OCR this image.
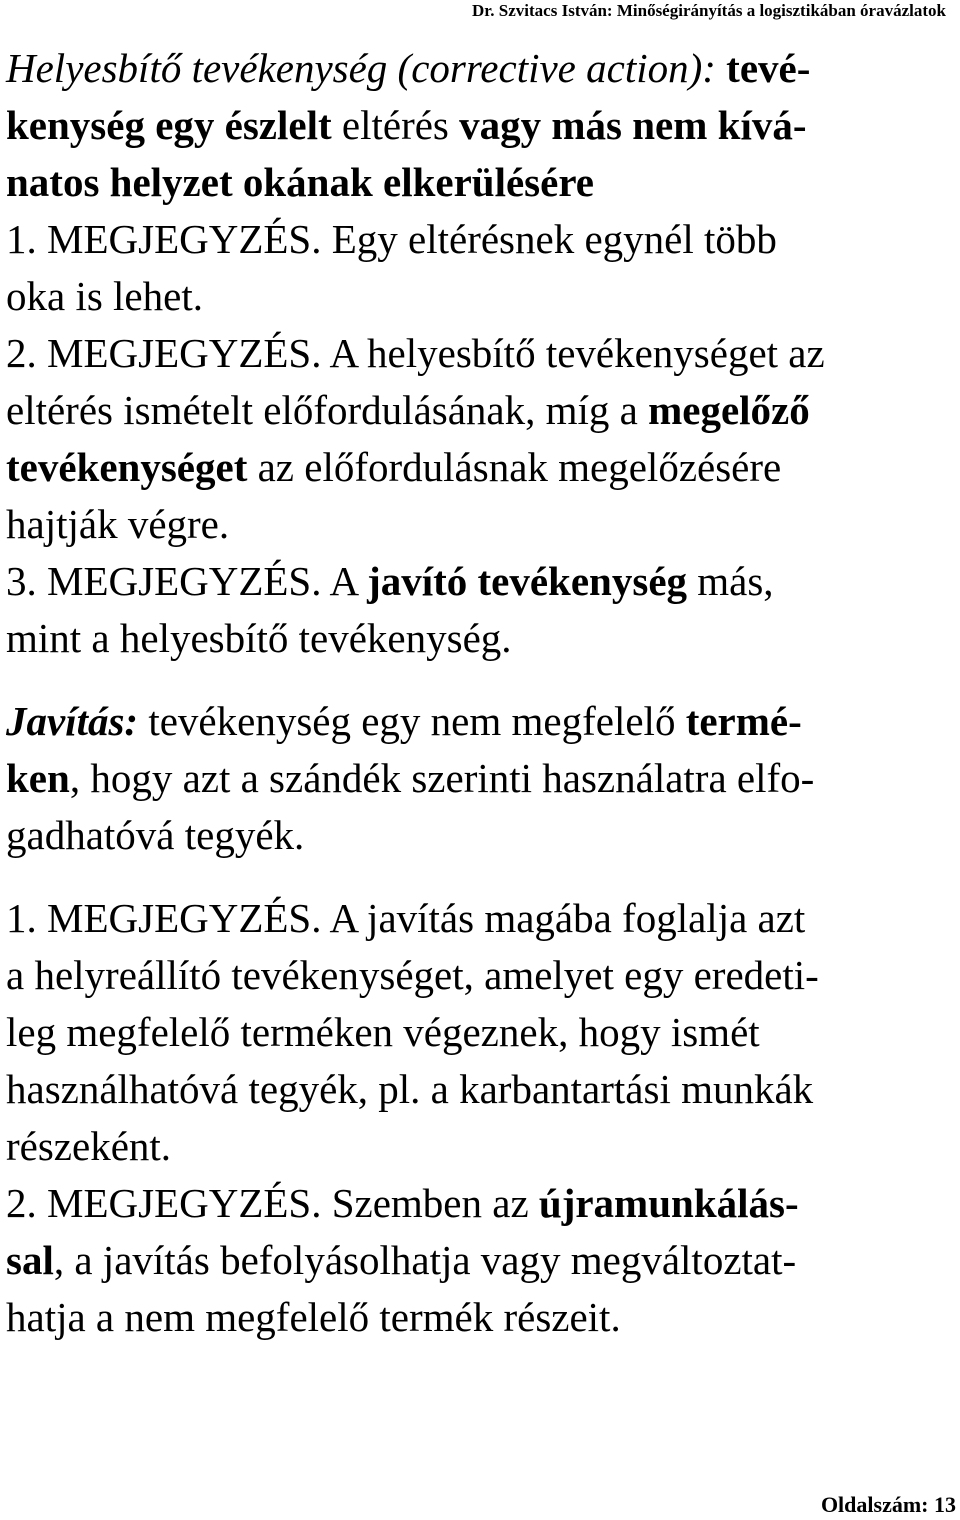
Dr. Szvitacs István: Minőségirányítás a logisztikában óravázlatok
Helyesbítő tevékenység (corrective action): tevé-
kenység egy észlelt eltérés vagy más nem kívá-
natos helyzet okának elkerülésére
1. MEGJEGYZÉS. Egy eltérésnek egynél több
oka is lehet.
2. MEGJEGYZÉS. A helyesbítő tevékenységet az
eltérés ismételt előfordulásának, míg a megelőző
tevékenységet az előfordulásnak megelőzésére
hajtják végre.
3. MEGJEGYZÉS. A javító tevékenység más,
mint a helyesbítő tevékenység.
Javítás: tevékenység egy nem megfelelő termé-
ken, hogy azt a szándék szerinti használatra elfo-
gadhatóvá tegyék.
1. MEGJEGYZÉS. A javítás magába foglalja azt
a helyreállító tevékenységet, amelyet egy eredeti-
leg megfelelő terméken végeznek, hogy ismét
használhatóvá tegyék, pl. a karbantartási munkák
részeként.
2. MEGJEGYZÉS. Szemben az újramunkálás-
sal, a javítás befolyásolhatja vagy megváltoztat-
hatja a nem megfelelő termék részeit.
Oldalszám: 13
